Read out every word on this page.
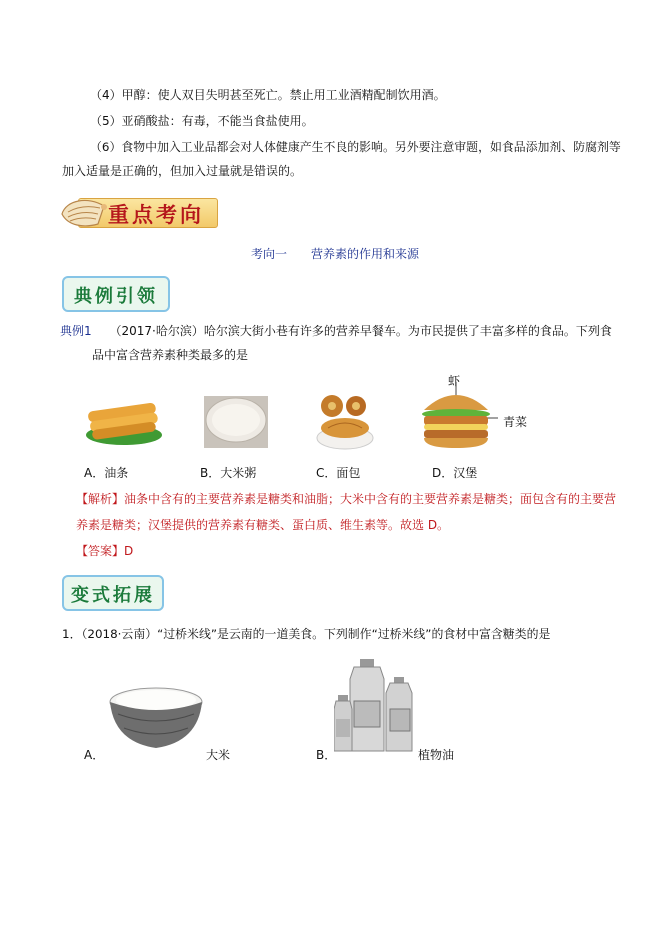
（4）甲醇：使人双目失明甚至死亡。禁止用工业酒精配制饮用酒。
（5）亚硝酸盐：有毒，不能当食盐使用。
（6）食物中加入工业品都会对人体健康产生不良的影响。另外要注意审题，如食品添加剂、防腐剂等
加入适量是正确的，但加入过量就是错误的。
重点考向
考向一　　营养素的作用和来源
典例引领
典例1 （2017·哈尔滨）哈尔滨大街小巷有许多的营养早餐车。为市民提供了丰富多样的食品。下列食
品中富含营养素种类最多的是
虾
青菜
A．油条	B．大米粥	C．面包	D．汉堡
【解析】油条中含有的主要营养素是糖类和油脂；大米中含有的主要营养素是糖类；面包含有的主要营
养素是糖类；汉堡提供的营养素有糖类、蛋白质、维生素等。故选 D。
【答案】D
变式拓展
1．（2018·云南）“过桥米线”是云南的一道美食。下列制作“过桥米线”的食材中富含糖类的是
A．	大米	B．	植物油
